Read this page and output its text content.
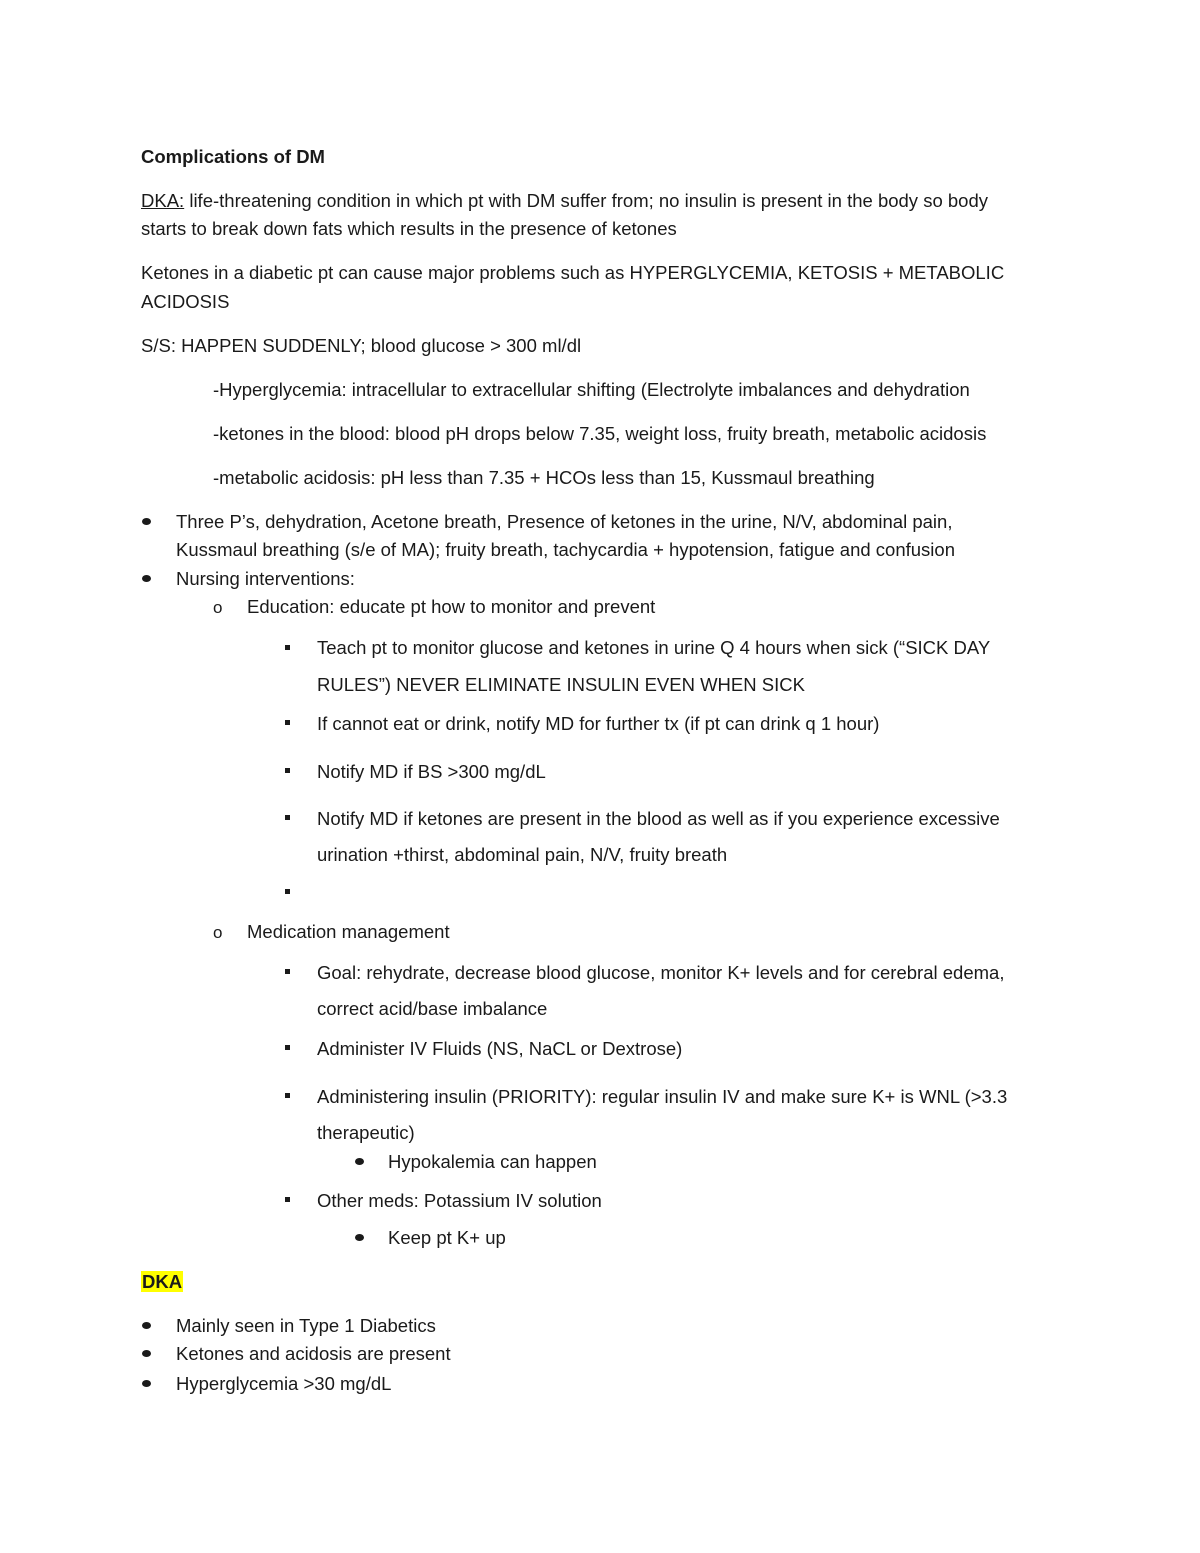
Complications of DM
DKA: life-threatening condition in which pt with DM suffer from; no insulin is present in the body so body
starts to break down fats which results in the presence of ketones
Ketones in a diabetic pt can cause major problems such as HYPERGLYCEMIA, KETOSIS + METABOLIC
ACIDOSIS
S/S: HAPPEN SUDDENLY; blood glucose > 300 ml/dl
-Hyperglycemia: intracellular to extracellular shifting (Electrolyte imbalances and dehydration
-ketones in the blood: blood pH drops below 7.35, weight loss, fruity breath, metabolic acidosis
-metabolic acidosis: pH less than 7.35 + HCOs less than 15, Kussmaul breathing
Three P’s, dehydration, Acetone breath, Presence of ketones in the urine, N/V, abdominal pain,
Kussmaul breathing (s/e of MA); fruity breath, tachycardia + hypotension, fatigue and confusion
Nursing interventions:
o Education: educate pt how to monitor and prevent
Teach pt to monitor glucose and ketones in urine Q 4 hours when sick (“SICK DAY
RULES”) NEVER ELIMINATE INSULIN EVEN WHEN SICK
If cannot eat or drink, notify MD for further tx (if pt can drink q 1 hour)
Notify MD if BS >300 mg/dL
Notify MD if ketones are present in the blood as well as if you experience excessive
urination +thirst, abdominal pain, N/V, fruity breath
o Medication management
Goal: rehydrate, decrease blood glucose, monitor K+ levels and for cerebral edema,
correct acid/base imbalance
Administer IV Fluids (NS, NaCL or Dextrose)
Administering insulin (PRIORITY): regular insulin IV and make sure K+ is WNL (>3.3
therapeutic)
Hypokalemia can happen
Other meds: Potassium IV solution
Keep pt K+ up
DKA
Mainly seen in Type 1 Diabetics
Ketones and acidosis are present
Hyperglycemia >30 mg/dL
